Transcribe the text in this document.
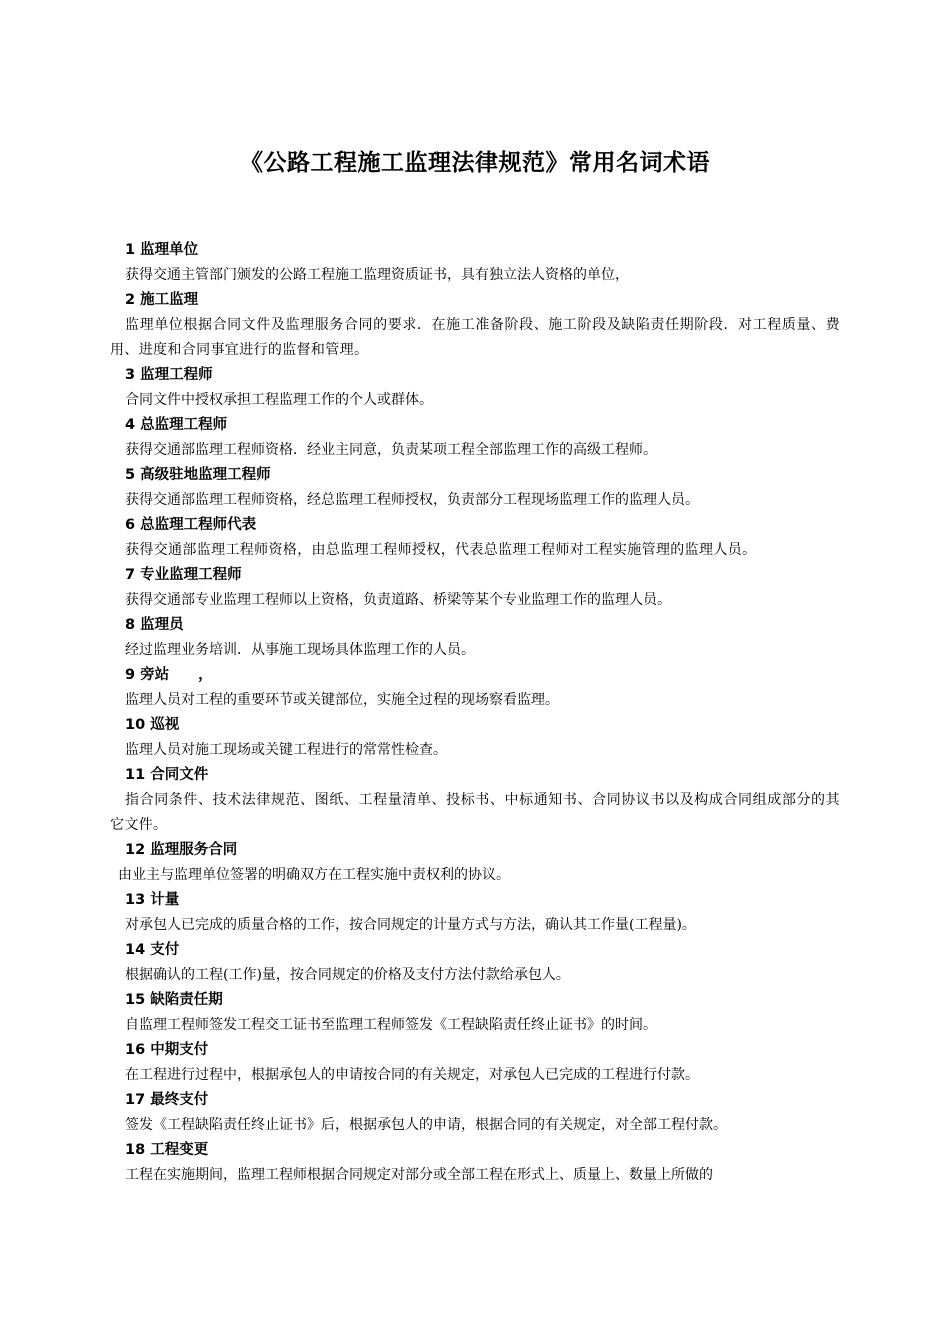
《公路工程施工监理法律规范》常用名词术语
1 监理单位
获得交通主管部门颁发的公路工程施工监理资质证书，具有独立法人资格的单位，
2 施工监理
监理单位根据合同文件及监理服务合同的要求．在施工准备阶段、施工阶段及缺陷责任期阶段．对工程质量、费用、进度和合同事宜进行的监督和管理。
3 监理工程师
合同文件中授权承担工程监理工作的个人或群体。
4 总监理工程师
获得交通部监理工程师资格．经业主同意，负责某项工程全部监理工作的高级工程师。
5 高级驻地监理工程师
获得交通部监理工程师资格，经总监理工程师授权，负责部分工程现场监理工作的监理人员。
6 总监理工程师代表
获得交通部监理工程师资格，由总监理工程师授权，代表总监理工程师对工程实施管理的监理人员。
7 专业监理工程师
获得交通部专业监理工程师以上资格，负责道路、桥梁等某个专业监理工作的监理人员。
8 监理员
经过监理业务培训．从事施工现场具体监理工作的人员。
9 旁站　　，
监理人员对工程的重要环节或关键部位，实施全过程的现场察看监理。
10 巡视
监理人员对施工现场或关键工程进行的常常性检查。
11 合同文件
指合同条件、技术法律规范、图纸、工程量清单、投标书、中标通知书、合同协议书以及构成合同组成部分的其它文件。
12 监理服务合同
由业主与监理单位签署的明确双方在工程实施中责权利的协议。
13 计量
对承包人已完成的质量合格的工作，按合同规定的计量方式与方法，确认其工作量(工程量)。
14 支付
根据确认的工程(工作)量，按合同规定的价格及支付方法付款给承包人。
15 缺陷责任期
自监理工程师签发工程交工证书至监理工程师签发《工程缺陷责任终止证书》的时间。
16 中期支付
在工程进行过程中，根据承包人的申请按合同的有关规定，对承包人已完成的工程进行付款。
17 最终支付
签发《工程缺陷责任终止证书》后，根据承包人的申请，根据合同的有关规定，对全部工程付款。
18 工程变更
工程在实施期间，监理工程师根据合同规定对部分或全部工程在形式上、质量上、数量上所做的
